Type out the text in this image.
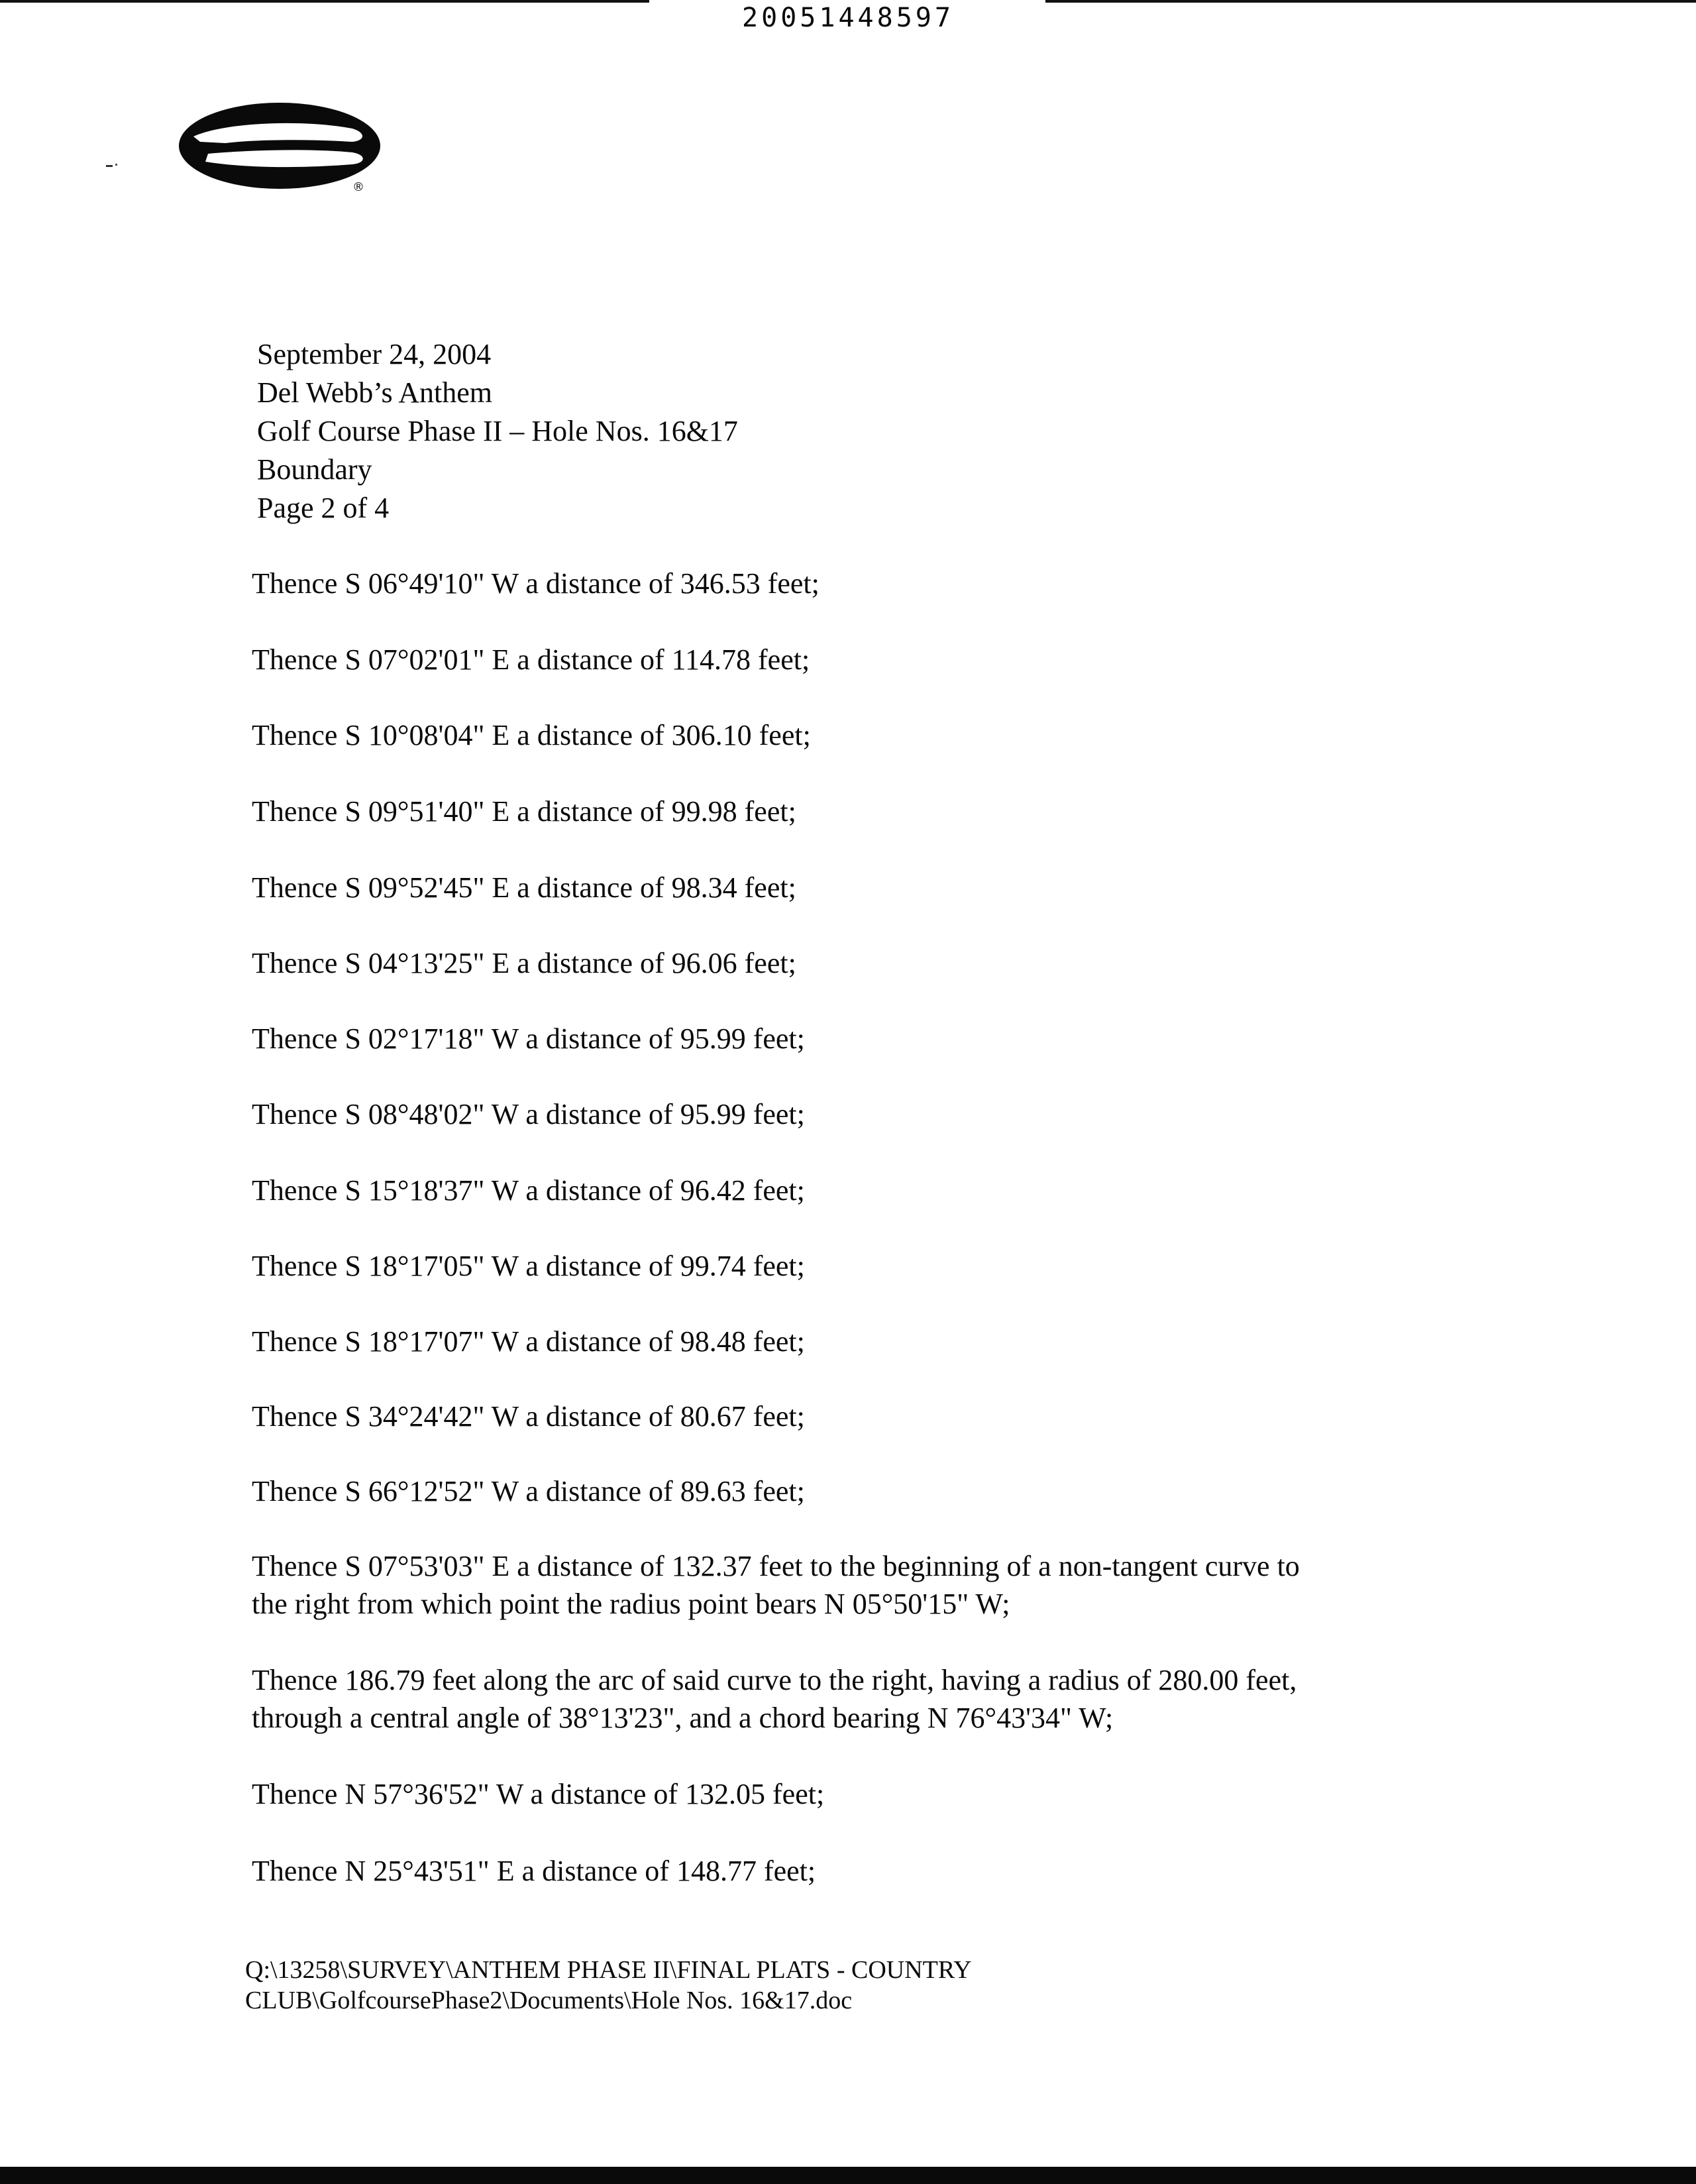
20051448597
®
September 24, 2004
Del Webb’s Anthem
Golf Course Phase II – Hole Nos. 16&17
Boundary
Page 2 of 4
Thence S 06°49'10" W a distance of 346.53 feet;
Thence S 07°02'01" E a distance of 114.78 feet;
Thence S 10°08'04" E a distance of 306.10 feet;
Thence S 09°51'40" E a distance of 99.98 feet;
Thence S 09°52'45" E a distance of 98.34 feet;
Thence S 04°13'25" E a distance of 96.06 feet;
Thence S 02°17'18" W a distance of 95.99 feet;
Thence S 08°48'02" W a distance of 95.99 feet;
Thence S 15°18'37" W a distance of 96.42 feet;
Thence S 18°17'05" W a distance of 99.74 feet;
Thence S 18°17'07" W a distance of 98.48 feet;
Thence S 34°24'42" W a distance of 80.67 feet;
Thence S 66°12'52" W a distance of 89.63 feet;
Thence S 07°53'03" E a distance of 132.37 feet to the beginning of a non-tangent curve to
the right from which point the radius point bears N 05°50'15" W;
Thence 186.79 feet along the arc of said curve to the right, having a radius of 280.00 feet,
through a central angle of 38°13'23", and a chord bearing N 76°43'34" W;
Thence N 57°36'52" W a distance of 132.05 feet;
Thence N 25°43'51" E a distance of 148.77 feet;
Q:\13258\SURVEY\ANTHEM PHASE II\FINAL PLATS - COUNTRY
CLUB\GolfcoursePhase2\Documents\Hole Nos. 16&17.doc
